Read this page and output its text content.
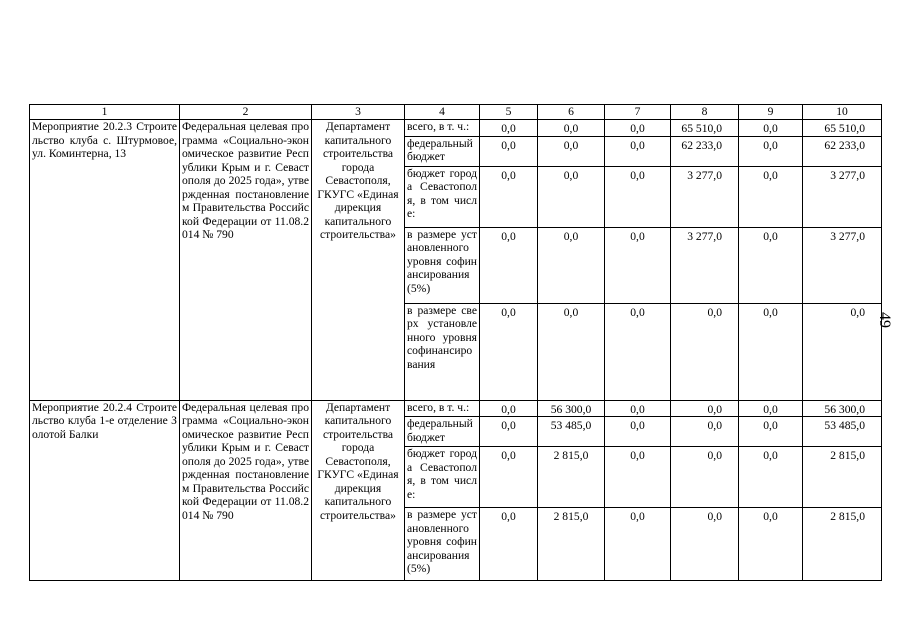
1	2	3	4	5	6	7	8	9	10
Мероприятие 20.2.3 Строительство клуба с. Штурмовое, ул. Коминтерна, 13	Федеральная целевая программа «Социально-экономическое развитие Республики Крым и г. Севастополя до 2025 года», утвержденная постановлением Правительства Российской Федерации от 11.08.2014 № 790	Департамент капитального строительства города Севастополя, ГКУГС «Единая дирекция капитального строительства»	всего, в т. ч.:	0,0	0,0	0,0	65 510,0	0,0	65 510,0
			федеральный бюджет	0,0	0,0	0,0	62 233,0	0,0	62 233,0
			бюджет города Севастополя, в том числе:	0,0	0,0	0,0	3 277,0	0,0	3 277,0
			в размере установленного уровня софинансирования (5%)	0,0	0,0	0,0	3 277,0	0,0	3 277,0
			в размере сверх установленного уровня софинансирования	0,0	0,0	0,0	0,0	0,0	0,0
Мероприятие 20.2.4 Строительство клуба 1-е отделение Золотой Балки	Федеральная целевая программа «Социально-экономическое развитие Республики Крым и г. Севастополя до 2025 года», утвержденная постановлением Правительства Российской Федерации от 11.08.2014 № 790	Департамент капитального строительства города Севастополя, ГКУГС «Единая дирекция капитального строительства»	всего, в т. ч.:	0,0	56 300,0	0,0	0,0	0,0	56 300,0
			федеральный бюджет	0,0	53 485,0	0,0	0,0	0,0	53 485,0
			бюджет города Севастополя, в том числе:	0,0	2 815,0	0,0	0,0	0,0	2 815,0
			в размере установленного уровня софинансирования (5%)	0,0	2 815,0	0,0	0,0	0,0	2 815,0
49
